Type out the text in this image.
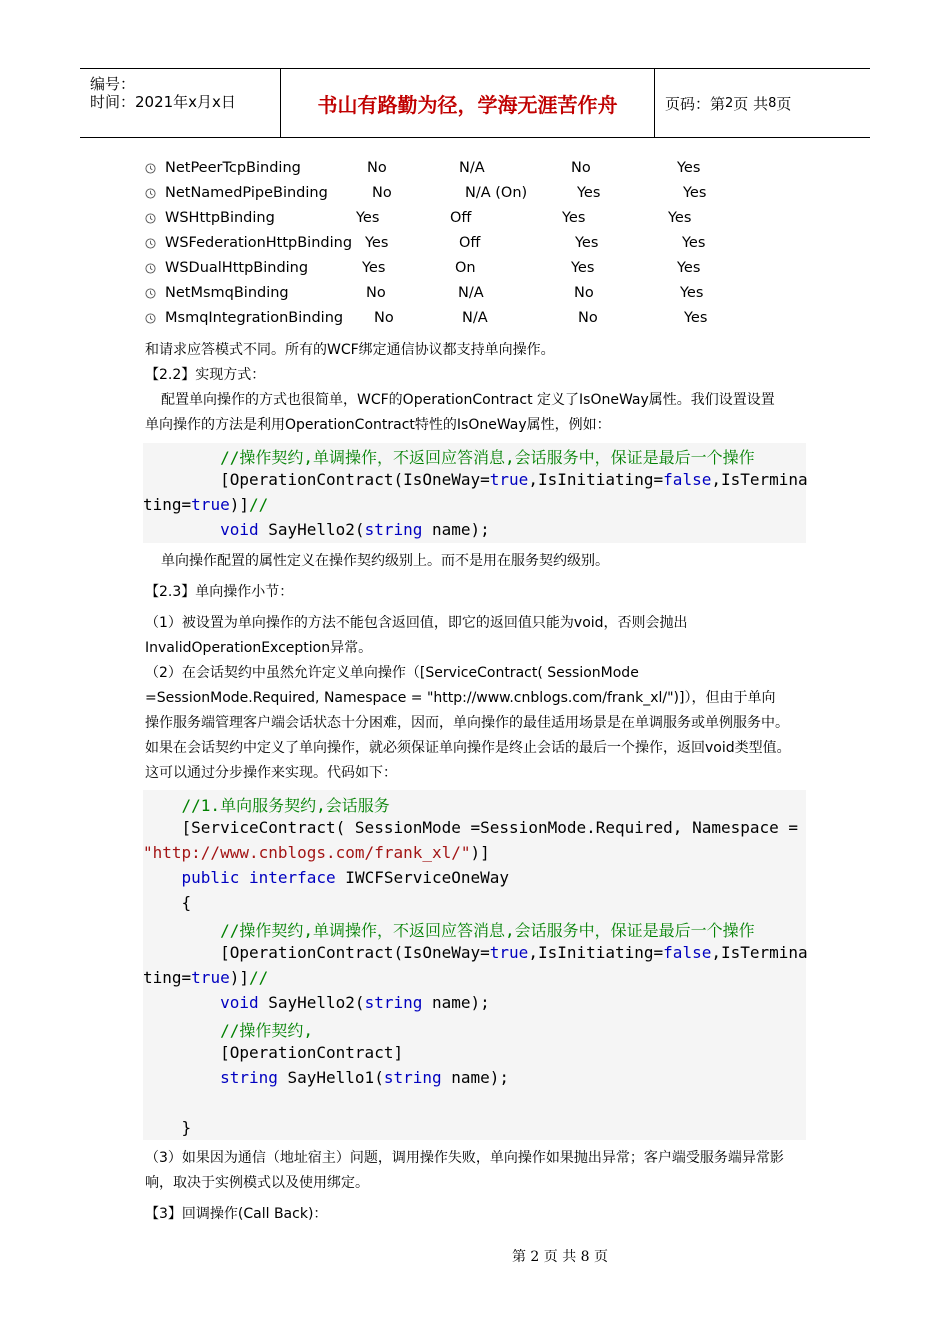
编号：
时间：2021年x月x日	书山有路勤为径，学海无涯苦作舟	页码：第 2 页 共 8 页
NetPeerTcpBinding	No	N/A	No	Yes
NetNamedPipeBinding	No	N/A (On)	Yes	Yes
WSHttpBinding	Yes	Off	Yes	Yes
WSFederationHttpBinding Yes	Off	Yes	Yes
WSDualHttpBinding	Yes	On	Yes	Yes
NetMsmqBinding	No	N/A	No	Yes
MsmqIntegrationBinding No	N/A	No	Yes
和请求应答模式不同。所有的WCF绑定通信协议都支持单向操作。
【2.2】实现方式：
配置单向操作的方式也很简单，WCF的OperationContract 定义了IsOneWay属性。我们设置设置
单向操作的方法是利用OperationContract特性的IsOneWay属性，例如：
//操作契约,单调操作，不返回应答消息,会话服务中，保证是最后一个操作
[OperationContract(IsOneWay=true,IsInitiating=false,IsTermina
ting=true)]//
void SayHello2(string name);
单向操作配置的属性定义在操作契约级别上。而不是用在服务契约级别。
【2.3】单向操作小节：
（1）被设置为单向操作的方法不能包含返回值，即它的返回值只能为void，否则会抛出
InvalidOperationException异常。
（2）在会话契约中虽然允许定义单向操作（[ServiceContract( SessionMode
=SessionMode.Required, Namespace = "http://www.cnblogs.com/frank_xl/")]），但由于单向
操作服务端管理客户端会话状态十分困难，因而，单向操作的最佳适用场景是在单调服务或单例服务中。
如果在会话契约中定义了单向操作，就必须保证单向操作是终止会话的最后一个操作，返回void类型值。
这可以通过分步操作来实现。代码如下：
//1.单向服务契约,会话服务
[ServiceContract( SessionMode =SessionMode.Required, Namespace =
"http://www.cnblogs.com/frank_xl/")]
public interface IWCFServiceOneWay
{
//操作契约,单调操作，不返回应答消息,会话服务中，保证是最后一个操作
[OperationContract(IsOneWay=true,IsInitiating=false,IsTermina
ting=true)]//
void SayHello2(string name);
//操作契约,
[OperationContract]
string SayHello1(string name);
}
（3）如果因为通信（地址宿主）问题，调用操作失败，单向操作如果抛出异常；客户端受服务端异常影
响，取决于实例模式以及使用绑定。
【3】回调操作(Call Back)：
第 2 页 共 8 页
